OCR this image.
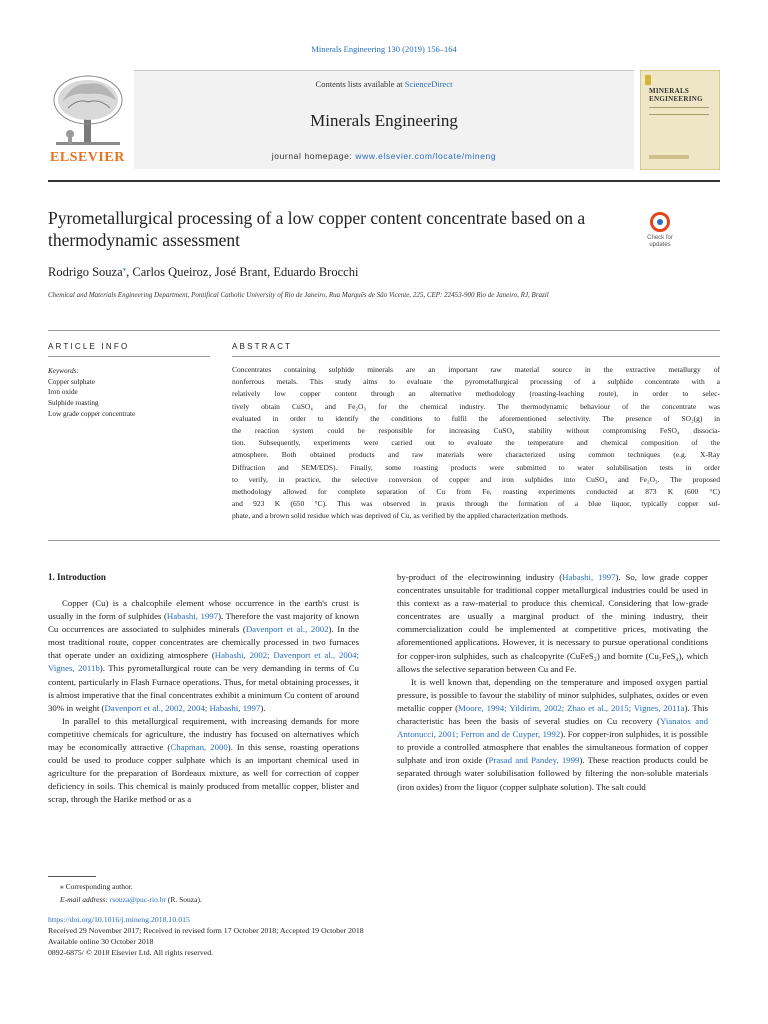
Minerals Engineering 130 (2019) 156–164
ELSEVIER
Contents lists available at ScienceDirect
Minerals Engineering
journal homepage: www.elsevier.com/locate/mineng
MINERALS
ENGINEERING
Pyrometallurgical processing of a low copper content concentrate based on a thermodynamic assessment	Check for
updates
Rodrigo Souza⁎, Carlos Queiroz, José Brant, Eduardo Brocchi
Chemical and Materials Engineering Department, Pontifical Catholic University of Rio de Janeiro, Rua Marquês de São Vicente, 225, CEP: 22453-900 Rio de Janeiro, RJ, Brazil
ARTICLE INFO
Keywords:
Copper sulphate
Iron oxide
Sulphide roasting
Low grade copper concentrate
ABSTRACT
Concentrates containing sulphide minerals are an important raw material source in the extractive metallurgy of
nonferrous metals. This study aims to evaluate the pyrometallurgical processing of a sulphide concentrate with a
relatively low copper content through an alternative methodology (roasting-leaching route), in order to selec-
tively obtain CuSO₄ and Fe₂O₃ for the chemical industry. The thermodynamic behaviour of the concentrate was
evaluated in order to identify the conditions to fulfil the aforementioned selectivity. The presence of SO₂(g) in
the reaction system could be responsible for increasing CuSO₄ stability without compromising FeSO₄ dissocia-
tion. Subsequently, experiments were carried out to evaluate the temperature and chemical composition of the
atmosphere. Both obtained products and raw materials were characterized using common techniques (e.g. X-Ray
Diffraction and SEM/EDS). Finally, some roasting products were submitted to water solubilisation tests in order
to verify, in practice, the selective conversion of copper and iron sulphides into CuSO₄ and Fe₂O₃. The proposed
methodology allowed for complete separation of Cu from Fe, roasting experiments conducted at 873 K (600 °C)
and 923 K (650 °C). This was observed in praxis through the formation of a blue liquor, typically copper sul-
phate, and a brown solid residue which was deprived of Cu, as verified by the applied characterization methods.
1. Introduction

Copper (Cu) is a chalcophile element whose occurrence in the earth's crust is usually in the form of sulphides (Habashi, 1997). Therefore the vast majority of known Cu occurrences are associated to sulphides minerals (Davenport et al., 2002). In the most traditional route, copper concentrates are chemically processed in two furnaces that operate under an oxidizing atmosphere (Habashi, 2002; Davenport et al., 2004; Vignes, 2011b). This pyrometallurgical route can be very demanding in terms of Cu content, particularly in Flash Furnace operations. Thus, for metal obtaining processes, it is almost imperative that the final concentrates exhibit a minimum Cu content of around 30% in weight (Davenport et al., 2002, 2004; Habashi, 1997).

In parallel to this metallurgical requirement, with increasing demands for more competitive chemicals for agriculture, the industry has focused on alternatives which may be economically attractive (Chapman, 2000). In this sense, roasting operations could be used to produce copper sulphate which is an important chemical used in agriculture for the preparation of Bordeaux mixture, as well for correction of copper deficiency in soils. This chemical is mainly produced from metallic copper, blister and scrap, through the Harike method or as a

by-product of the electrowinning industry (Habashi, 1997). So, low grade copper concentrates unsuitable for traditional copper metallurgical industries could be used in this context as a raw-material to produce this chemical. Considering that low-grade concentrates are usually a marginal product of the mining industry, their commercialization could be implemented at competitive prices, motivating the aforementioned applications. However, it is necessary to pursue operational conditions for copper-iron sulphides, such as chalcopyrite (CuFeS₂) and bornite (Cu₅FeS₄), which allows the selective separation between Cu and Fe.

It is well known that, depending on the temperature and imposed oxygen partial pressure, is possible to favour the stability of minor sulphides, sulphates, oxides or even metallic copper (Moore, 1994; Yildirim, 2002; Zhao et al., 2015; Vignes, 2011a). This characteristic has been the basis of several studies on Cu recovery (Yianatos and Antonucci, 2001; Ferron and de Cuyper, 1992). For copper-iron sulphides, it is possible to provide a controlled atmosphere that enables the simultaneous formation of copper sulphate and iron oxide (Prasad and Pandey, 1999). These reaction products could be separated through water solubilisation followed by filtering the non-soluble materials (iron oxides) from the liquor (copper sulphate solution). The salt could

⁎ Corresponding author.
E-mail address: rsouza@puc-rio.br (R. Souza).
https://doi.org/10.1016/j.mineng.2018.10.015
Received 29 November 2017; Received in revised form 17 October 2018; Accepted 19 October 2018
Available online 30 October 2018
0892-6875/ © 2018 Elsevier Ltd. All rights reserved.
